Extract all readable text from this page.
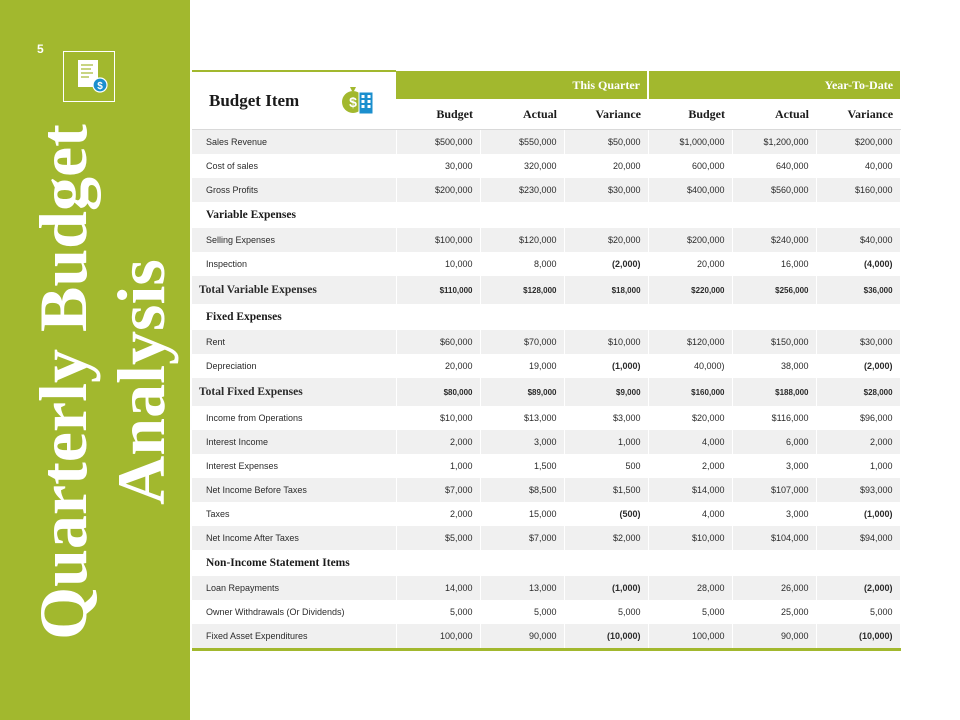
5
$
Quarterly Budget Analysis
Budget Item	This Quarter			Year-To-Date		
	Budget	Actual	Variance	Budget	Actual	Variance
Sales Revenue	$500,000	$550,000	$50,000	$1,000,000	$1,200,000	$200,000
Cost of sales	30,000	320,000	20,000	600,000	640,000	40,000
Gross Profits	$200,000	$230,000	$30,000	$400,000	$560,000	$160,000
Variable Expenses						
Selling Expenses	$100,000	$120,000	$20,000	$200,000	$240,000	$40,000
Inspection	10,000	8,000	(2,000)	20,000	16,000	(4,000)
Total Variable Expenses	$110,000	$128,000	$18,000	$220,000	$256,000	$36,000
Fixed Expenses						
Rent	$60,000	$70,000	$10,000	$120,000	$150,000	$30,000
Depreciation	20,000	19,000	(1,000)	40,000)	38,000	(2,000)
Total Fixed Expenses	$80,000	$89,000	$9,000	$160,000	$188,000	$28,000
Income from Operations	$10,000	$13,000	$3,000	$20,000	$116,000	$96,000
Interest Income	2,000	3,000	1,000	4,000	6,000	2,000
Interest Expenses	1,000	1,500	500	2,000	3,000	1,000
Net Income Before Taxes	$7,000	$8,500	$1,500	$14,000	$107,000	$93,000
Taxes	2,000	15,000	(500)	4,000	3,000	(1,000)
Net Income After Taxes	$5,000	$7,000	$2,000	$10,000	$104,000	$94,000
Non-Income Statement Items						
Loan Repayments	14,000	13,000	(1,000)	28,000	26,000	(2,000)
Owner Withdrawals (Or Dividends)	5,000	5,000	5,000	5,000	25,000	5,000
Fixed Asset Expenditures	100,000	90,000	(10,000)	100,000	90,000	(10,000)
$
